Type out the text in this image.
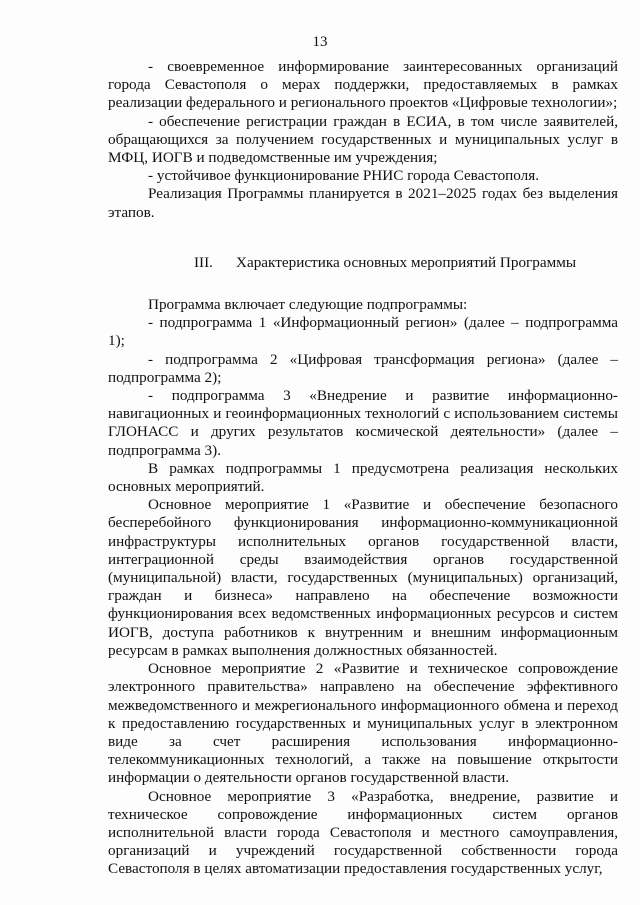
13

- своевременное информирование заинтересованных организаций города Севастополя о мерах поддержки, предоставляемых в рамках реализации федерального и регионального проектов «Цифровые технологии»;

- обеспечение регистрации граждан в ЕСИА, в том числе заявителей, обращающихся за получением государственных и муниципальных услуг в МФЦ, ИОГВ и подведомственные им учреждения;

- устойчивое функционирование РНИС города Севастополя.

Реализация Программы планируется в 2021–2025 годах без выделения этапов.

III. Характеристика основных мероприятий Программы

Программа включает следующие подпрограммы:

- подпрограмма 1 «Информационный регион» (далее – подпрограмма 1);

- подпрограмма 2 «Цифровая трансформация региона» (далее – подпрограмма 2);

- подпрограмма 3 «Внедрение и развитие информационно-навигационных и геоинформационных технологий с использованием системы ГЛОНАСС и других результатов космической деятельности» (далее – подпрограмма 3).

В рамках подпрограммы 1 предусмотрена реализация нескольких основных мероприятий.

Основное мероприятие 1 «Развитие и обеспечение безопасного бесперебойного функционирования информационно-коммуникационной инфраструктуры исполнительных органов государственной власти, интеграционной среды взаимодействия органов государственной (муниципальной) власти, государственных (муниципальных) организаций, граждан и бизнеса» направлено на обеспечение возможности функционирования всех ведомственных информационных ресурсов и систем ИОГВ, доступа работников к внутренним и внешним информационным ресурсам в рамках выполнения должностных обязанностей.

Основное мероприятие 2 «Развитие и техническое сопровождение электронного правительства» направлено на обеспечение эффективного межведомственного и межрегионального информационного обмена и переход к предоставлению государственных и муниципальных услуг в электронном виде за счет расширения использования информационно-телекоммуникационных технологий, а также на повышение открытости информации о деятельности органов государственной власти.

Основное мероприятие 3 «Разработка, внедрение, развитие и техническое сопровождение информационных систем органов исполнительной власти города Севастополя и местного самоуправления, организаций и учреждений государственной собственности города Севастополя в целях автоматизации предоставления государственных услуг,
